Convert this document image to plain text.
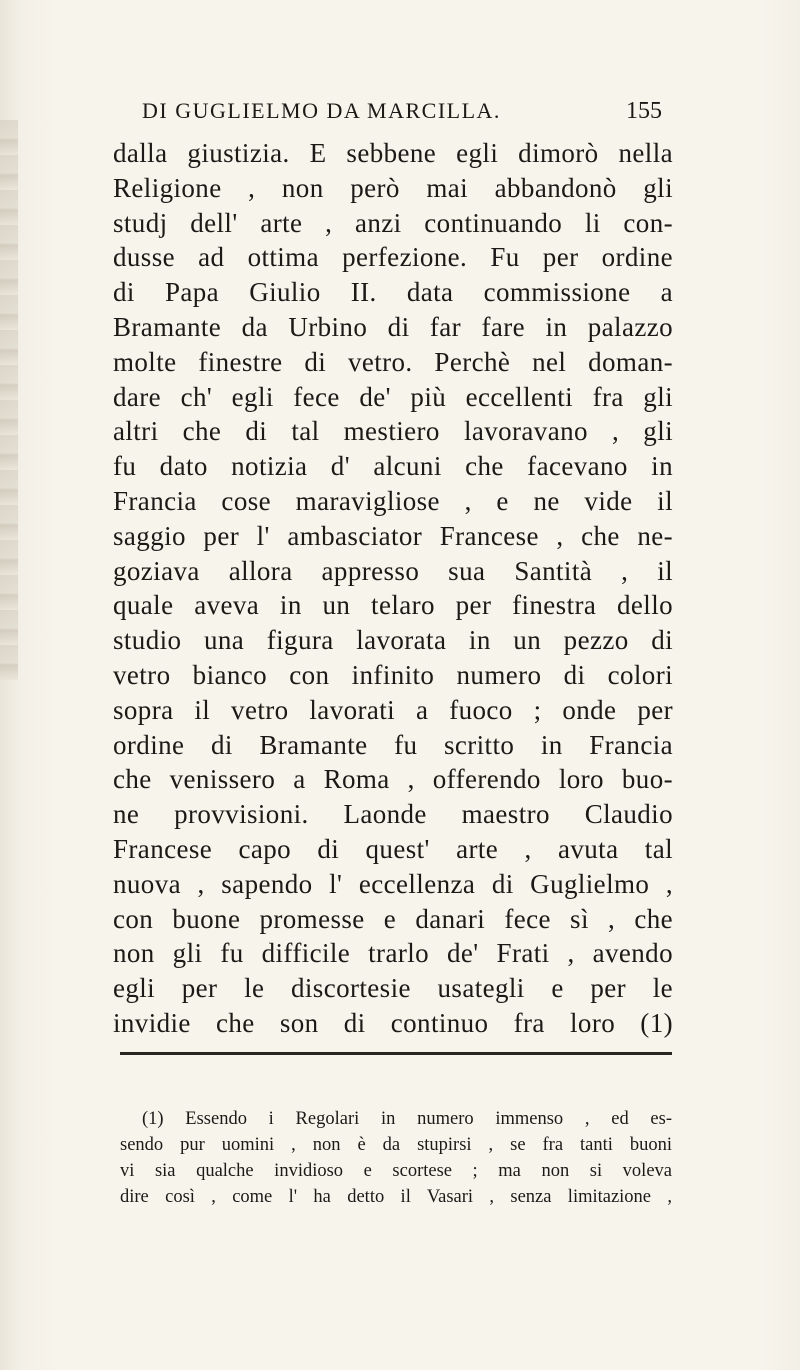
DI GUGLIELMO DA MARCILLA.	155
dalla giustizia. E sebbene egli dimorò nella
Religione , non però mai abbandonò gli
studj dell' arte , anzi continuando li con-
dusse ad ottima perfezione. Fu per ordine
di Papa Giulio II. data commissione a
Bramante da Urbino di far fare in palazzo
molte finestre di vetro. Perchè nel doman-
dare ch' egli fece de' più eccellenti fra gli
altri che di tal mestiero lavoravano , gli
fu dato notizia d' alcuni che facevano in
Francia cose maravigliose , e ne vide il
saggio per l' ambasciator Francese , che ne-
goziava allora appresso sua Santità , il
quale aveva in un telaro per finestra dello
studio una figura lavorata in un pezzo di
vetro bianco con infinito numero di colori
sopra il vetro lavorati a fuoco ; onde per
ordine di Bramante fu scritto in Francia
che venissero a Roma , offerendo loro buo-
ne provvisioni. Laonde maestro Claudio
Francese capo di quest' arte , avuta tal
nuova , sapendo l' eccellenza di Guglielmo ,
con buone promesse e danari fece sì , che
non gli fu difficile trarlo de' Frati , avendo
egli per le discortesie usategli e per le
invidie che son di continuo fra loro (1)
(1) Essendo i Regolari in numero immenso , ed es-
sendo pur uomini , non è da stupirsi , se fra tanti buoni
vi sia qualche invidioso e scortese ; ma non si voleva
dire così , come l' ha detto il Vasari , senza limitazione ,
